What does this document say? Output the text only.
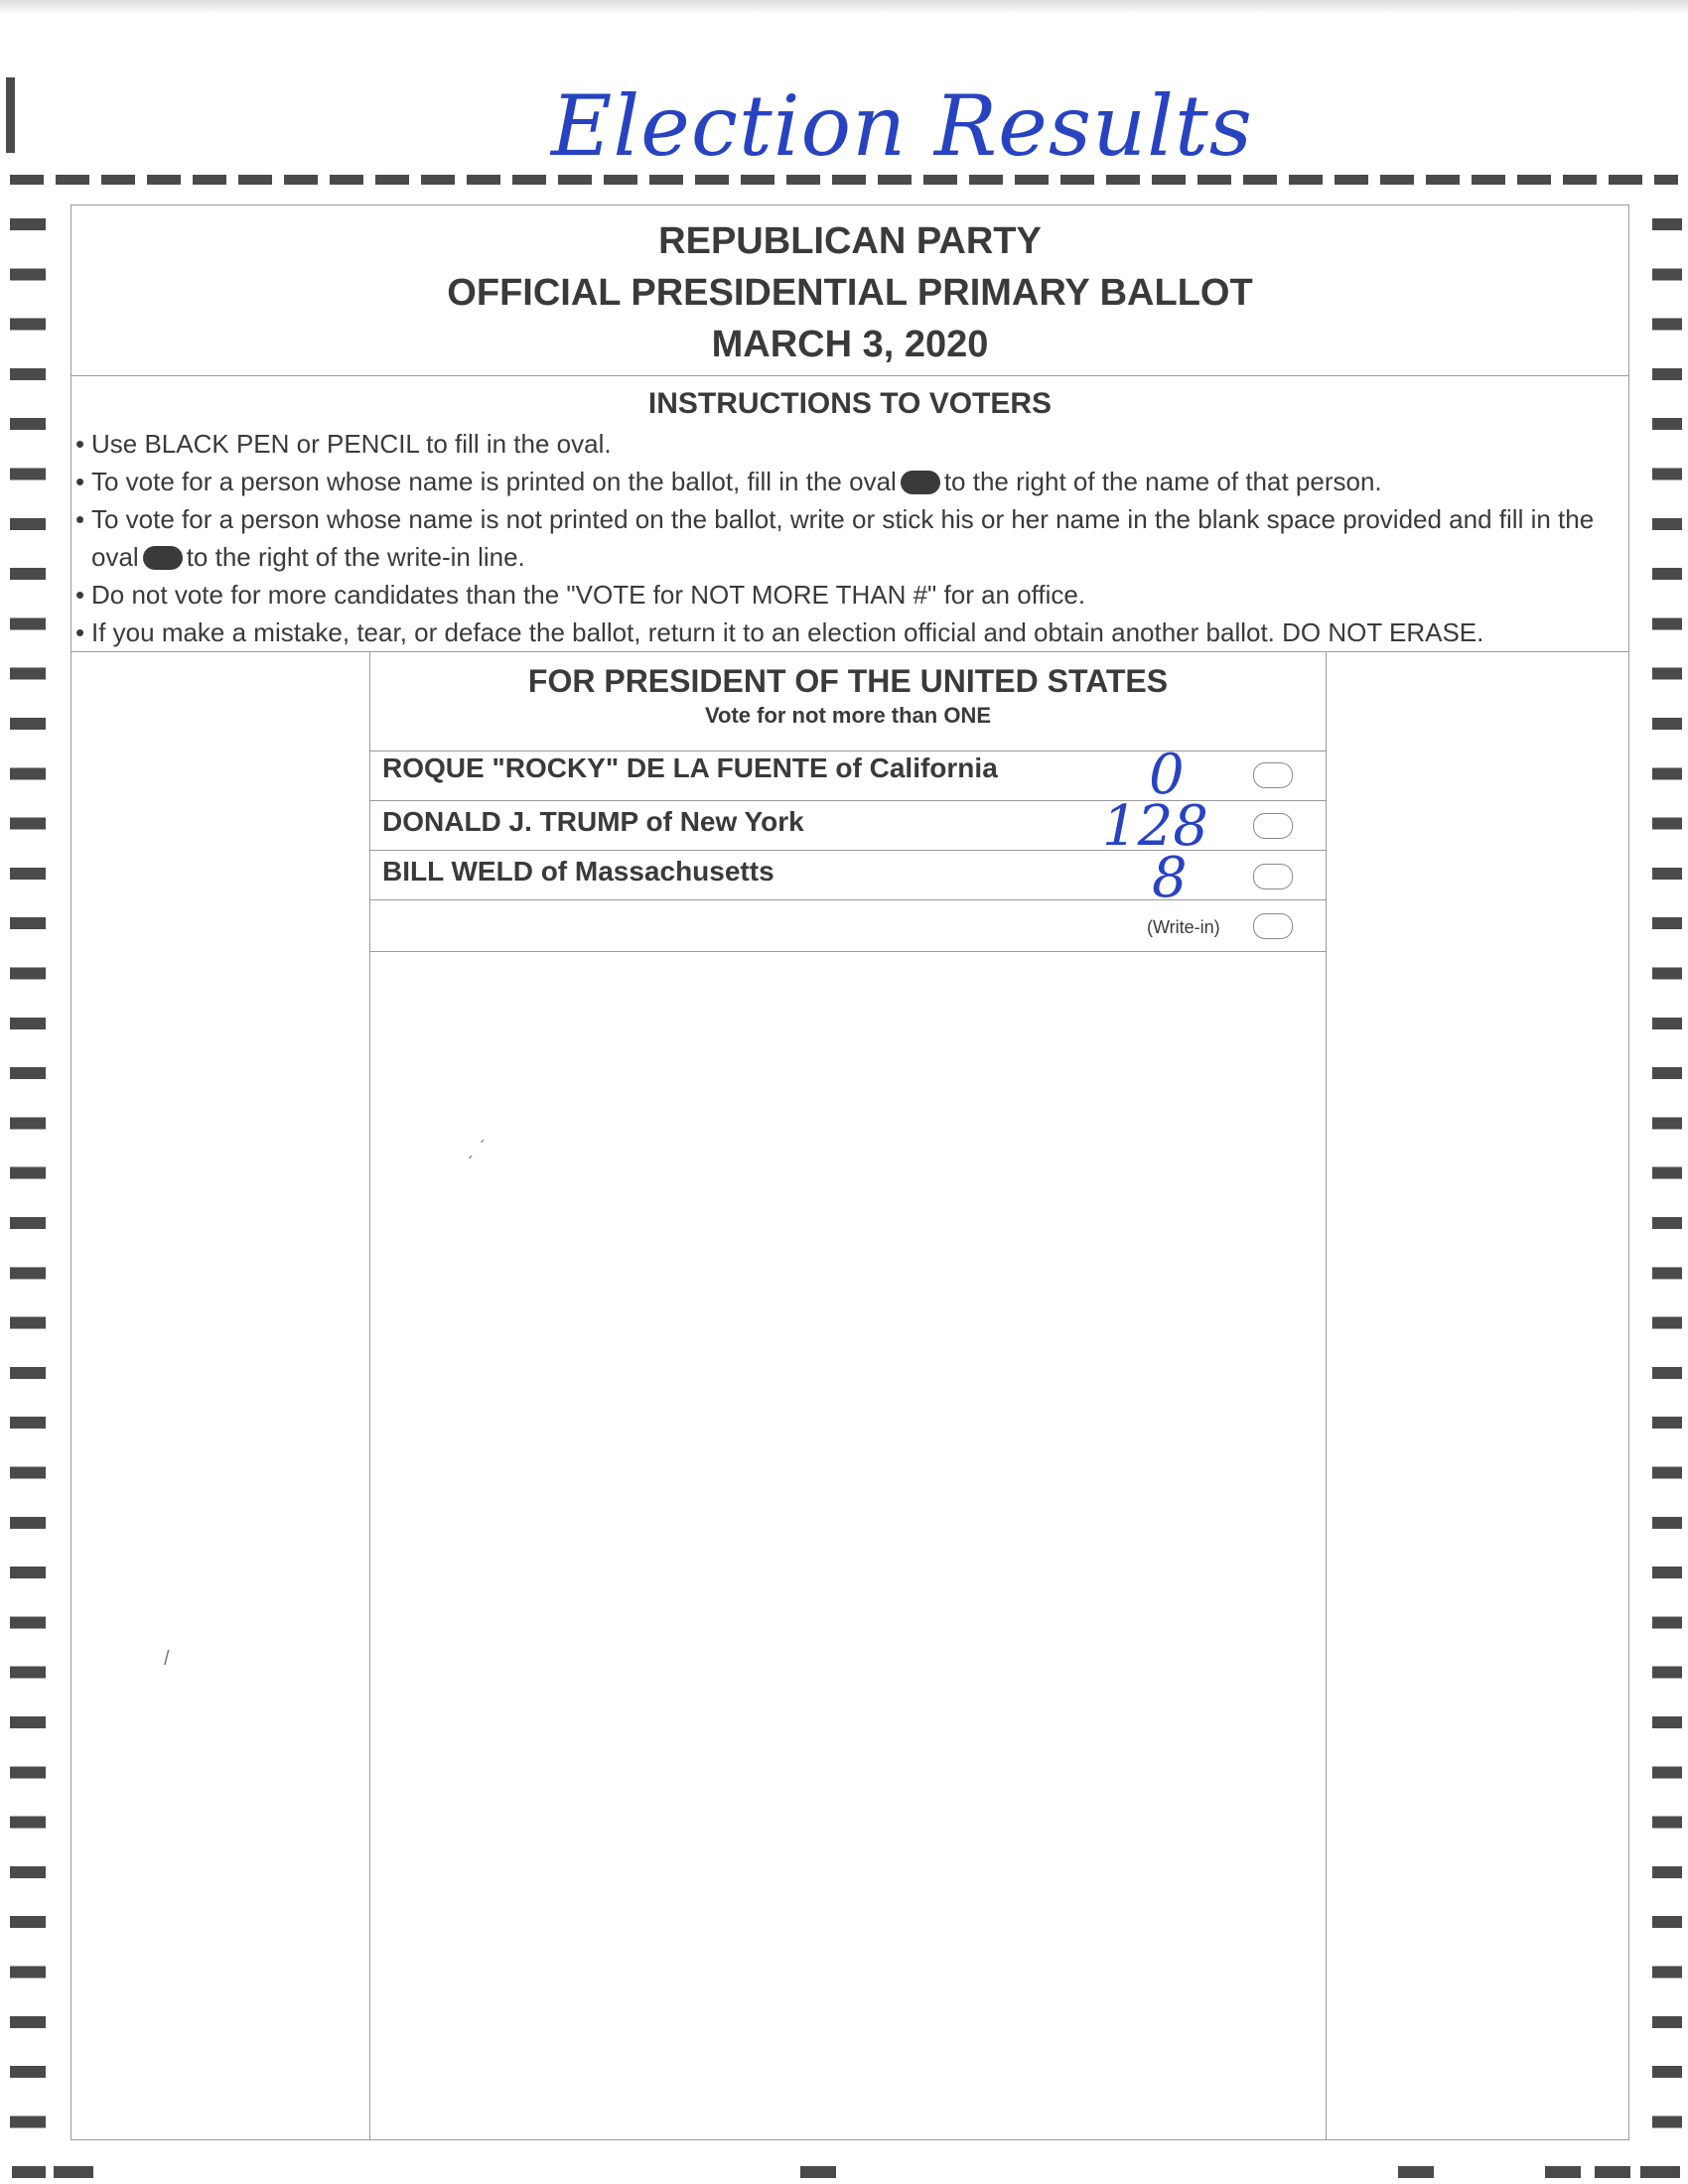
Election Results
REPUBLICAN PARTY
OFFICIAL PRESIDENTIAL PRIMARY BALLOT
MARCH 3, 2020
INSTRUCTIONS TO VOTERS
• Use BLACK PEN or PENCIL to fill in the oval.
• To vote for a person whose name is printed on the ballot, fill in the oval to the right of the name of that person.
• To vote for a person whose name is not printed on the ballot, write or stick his or her name in the blank space provided and fill in the oval to the right of the write-in line.
• Do not vote for more candidates than the "VOTE for NOT MORE THAN #" for an office.
• If you make a mistake, tear, or deface the ballot, return it to an election official and obtain another ballot. DO NOT ERASE.
FOR PRESIDENT OF THE UNITED STATES
Vote for not more than ONE
ROQUE "ROCKY" DE LA FUENTE of California
DONALD J. TRUMP of New York
BILL WELD of Massachusetts
0
128
8
(Write-in)
ˏ ˊ
/
